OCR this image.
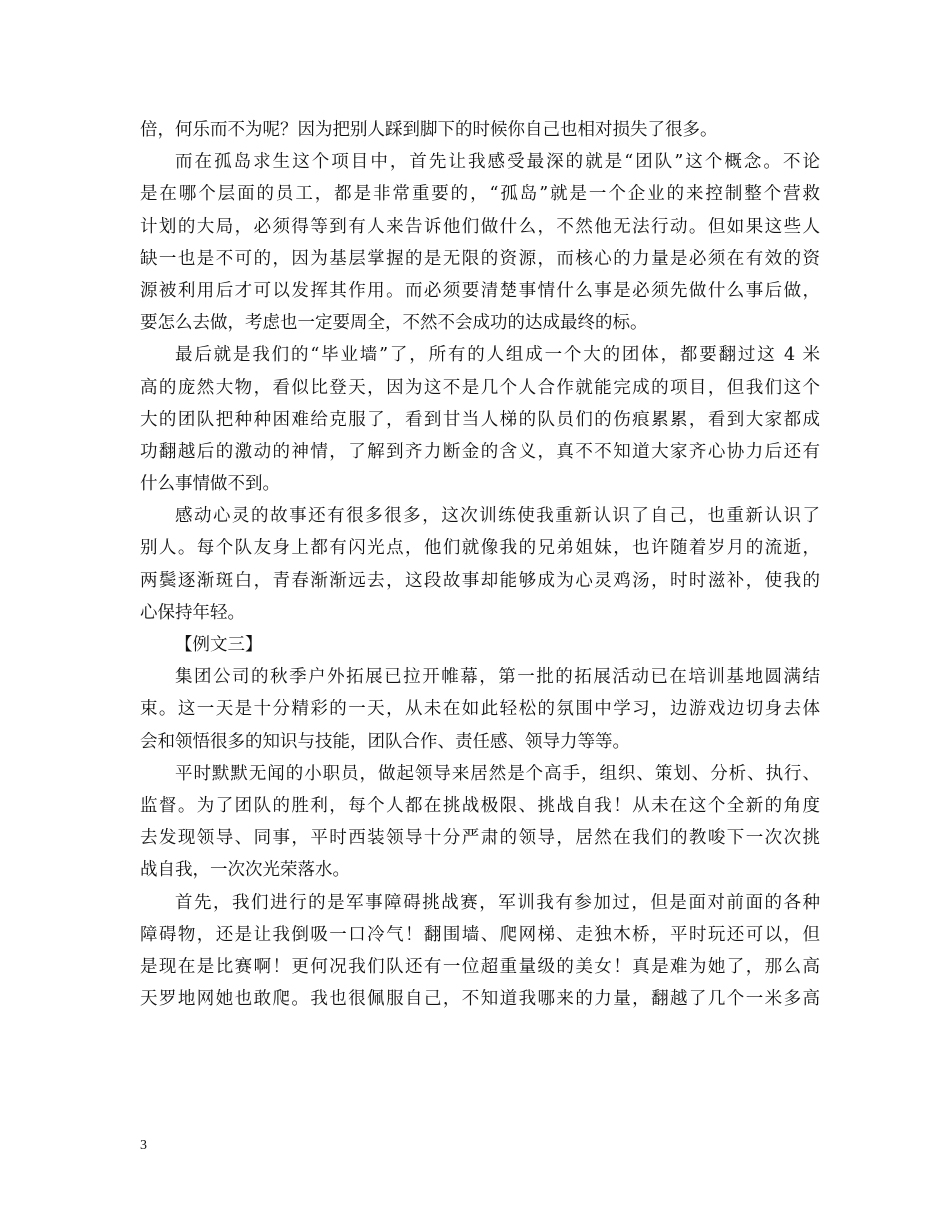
倍，何乐而不为呢？因为把别人踩到脚下的时候你自己也相对损失了很多。
而在孤岛求生这个项目中，首先让我感受最深的就是“团队”这个概念。不论
是在哪个层面的员工，都是非常重要的，“孤岛”就是一个企业的来控制整个营救
计划的大局，必须得等到有人来告诉他们做什么，不然他无法行动。但如果这些人
缺一也是不可的，因为基层掌握的是无限的资源，而核心的力量是必须在有效的资
源被利用后才可以发挥其作用。而必须要清楚事情什么事是必须先做什么事后做，
要怎么去做，考虑也一定要周全，不然不会成功的达成最终的标。
最后就是我们的“毕业墙”了，所有的人组成一个大的团体，都要翻过这 4 米
高的庞然大物，看似比登天，因为这不是几个人合作就能完成的项目，但我们这个
大的团队把种种困难给克服了，看到甘当人梯的队员们的伤痕累累，看到大家都成
功翻越后的激动的神情，了解到齐力断金的含义，真不不知道大家齐心协力后还有
什么事情做不到。
感动心灵的故事还有很多很多，这次训练使我重新认识了自己，也重新认识了
别人。每个队友身上都有闪光点，他们就像我的兄弟姐妹，也许随着岁月的流逝，
两鬓逐渐斑白，青春渐渐远去，这段故事却能够成为心灵鸡汤，时时滋补，使我的
心保持年轻。
【例文三】
集团公司的秋季户外拓展已拉开帷幕，第一批的拓展活动已在培训基地圆满结
束。这一天是十分精彩的一天，从未在如此轻松的氛围中学习，边游戏边切身去体
会和领悟很多的知识与技能，团队合作、责任感、领导力等等。
平时默默无闻的小职员，做起领导来居然是个高手，组织、策划、分析、执行、
监督。为了团队的胜利，每个人都在挑战极限、挑战自我！从未在这个全新的角度
去发现领导、同事，平时西装领导十分严肃的领导，居然在我们的教唆下一次次挑
战自我，一次次光荣落水。
首先，我们进行的是军事障碍挑战赛，军训我有参加过，但是面对前面的各种
障碍物，还是让我倒吸一口冷气！翻围墙、爬网梯、走独木桥，平时玩还可以，但
是现在是比赛啊！更何况我们队还有一位超重量级的美女！真是难为她了，那么高
天罗地网她也敢爬。我也很佩服自己，不知道我哪来的力量，翻越了几个一米多高
3
